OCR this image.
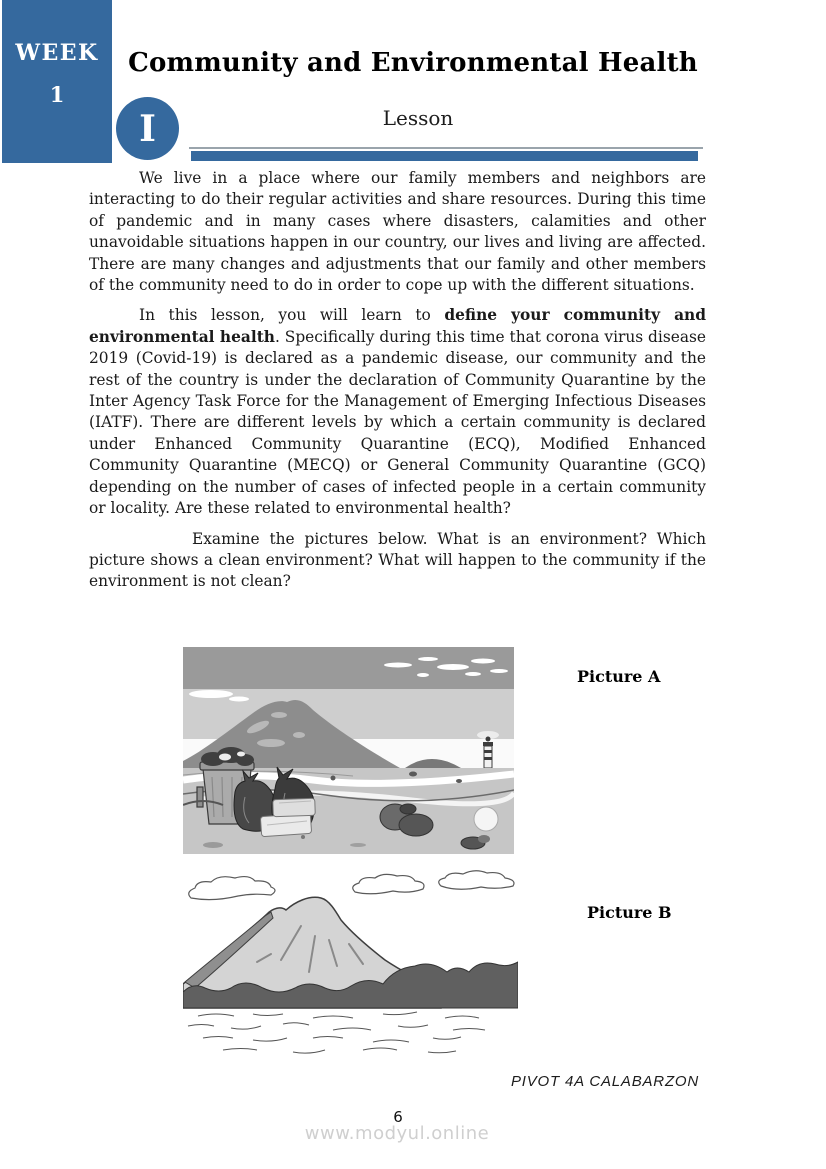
WEEK
1
Community and Environmental Health
I	Lesson

We live in a place where our family members and neighbors are interacting to do their regular activities and share resources. During this time of pandemic and in many cases where disasters, calamities and other unavoidable situations happen in our country, our lives and living are affected. There are many changes and adjustments that our family and other members of the community need to do in order to cope up with the different situations.

In this lesson, you will learn to define your community and environmental health. Specifically during this time that corona virus disease 2019 (Covid-19) is declared as a pandemic disease, our community and the rest of the country is under the declaration of Community Quarantine by the Inter Agency Task Force for the Management of Emerging Infectious Diseases (IATF). There are different levels by which a certain community is declared under Enhanced Community Quarantine (ECQ), Modified Enhanced Community Quarantine (MECQ) or General Community Quarantine (GCQ) depending on the number of cases of infected people in a certain community or locality. Are these related to environmental health?

Examine the pictures below. What is an environment? Which picture shows a clean environment? What will happen to the community if the environment is not clean?

Picture A
Picture B
PIVOT 4A CALABARZON
6
www.modyul.online
